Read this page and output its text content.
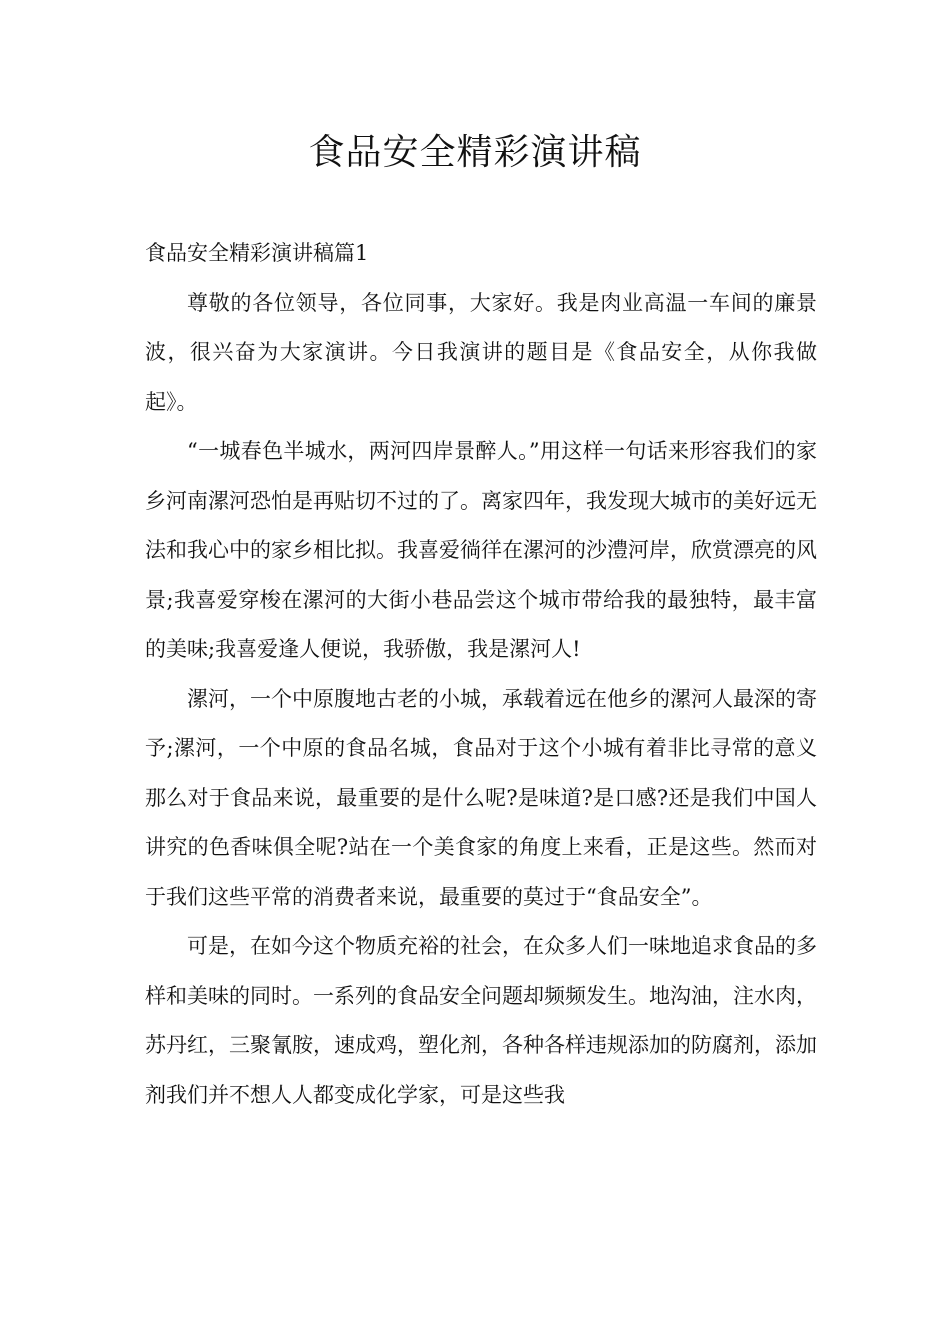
食品安全精彩演讲稿
食品安全精彩演讲稿篇1

尊敬的各位领导，各位同事，大家好。我是肉业高温一车间的廉景波，很兴奋为大家演讲。今日我演讲的题目是《食品安全，从你我做起》。

“一城春色半城水，两河四岸景醉人。”用这样一句话来形容我们的家乡河南漯河恐怕是再贴切不过的了。离家四年，我发现大城市的美好远无法和我心中的家乡相比拟。我喜爱徜徉在漯河的沙澧河岸，欣赏漂亮的风景;我喜爱穿梭在漯河的大街小巷品尝这个城市带给我的最独特，最丰富的美味;我喜爱逢人便说，我骄傲，我是漯河人!

漯河，一个中原腹地古老的小城，承载着远在他乡的漯河人最深的寄予;漯河，一个中原的食品名城，食品对于这个小城有着非比寻常的意义那么对于食品来说，最重要的是什么呢?是味道?是口感?还是我们中国人讲究的色香味俱全呢?站在一个美食家的角度上来看，正是这些。然而对于我们这些平常的消费者来说，最重要的莫过于“食品安全”。

可是，在如今这个物质充裕的社会，在众多人们一味地追求食品的多样和美味的同时。一系列的食品安全问题却频频发生。地沟油，注水肉，苏丹红，三聚氰胺，速成鸡，塑化剂，各种各样违规添加的防腐剂，添加剂我们并不想人人都变成化学家，可是这些我
